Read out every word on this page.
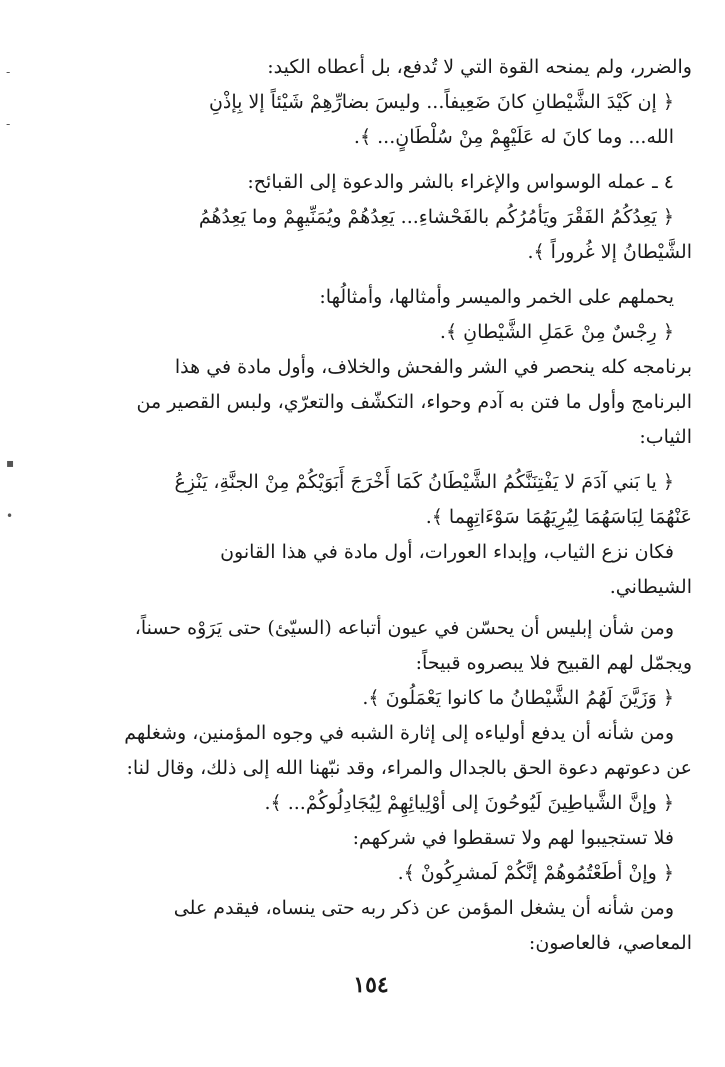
والضرر، ولم يمنحه القوة التي لا تُدفع، بل أعطاه الكيد:
﴿ إن كَيْدَ الشَّيْطانِ كانَ ضَعِيفاً... وليسَ بضارِّهِمْ شَيْئاً إلا بِإذْنِ
الله... وما كانَ له عَلَيْهِمْ مِنْ سُلْطَانٍ... ﴾.
٤ ـ عمله الوسواس والإغراء بالشر والدعوة إلى القبائح:
﴿ يَعِدُكُمُ الفَقْرَ ويَأمُرُكُم بالفَحْشاءِ... يَعِدُهُمْ ويُمَنِّيهِمْ وما يَعِدُهُمُ
الشَّيْطانُ إلا غُروراً ﴾.
يحملهم على الخمر والميسر وأمثالها، وأمثالُها:
﴿ رِجْسٌ مِنْ عَمَلِ الشَّيْطانِ ﴾.
برنامجه كله ينحصر في الشر والفحش والخلاف، وأول مادة في هذا
البرنامج وأول ما فتن به آدم وحواء، التكشّف والتعرّي، ولبس القصير من
الثياب:
﴿ يا بَني آدَمَ لا يَفْتِنَنَّكُمُ الشَّيْطَانُ كَمَا أَخْرَجَ أَبَوَيْكُمْ مِنْ الجنَّةِ، يَنْزِعُ
عَنْهُمَا لِبَاسَهُمَا لِيُرِيَهُمَا سَوْءَاتِهِما ﴾.
فكان نزع الثياب، وإبداء العورات، أول مادة في هذا القانون
الشيطاني.
ومن شأن إبليس أن يحسّن في عيون أتباعه (السيّئ) حتى يَرَوْه حسناً،
ويجمّل لهم القبيح فلا يبصروه قبيحاً:
﴿ وَزَيَّنَ لَهُمُ الشَّيْطانُ ما كانوا يَعْمَلُونَ ﴾.
ومن شأنه أن يدفع أولياءه إلى إثارة الشبه في وجوه المؤمنين، وشغلهم
عن دعوتهم دعوة الحق بالجدال والمراء، وقد نبّهنا الله إلى ذلك، وقال لنا:
﴿ وإنَّ الشَّياطِينَ لَيُوحُونَ إلى أوْلِيائِهِمْ لِيُجَادِلُوكُمْ... ﴾.
فلا تستجيبوا لهم ولا تسقطوا في شركهم:
﴿ وإنْ أطَعْتُمُوهُمْ إنَّكُمْ لَمشرِكُونْ ﴾.
ومن شأنه أن يشغل المؤمن عن ذكر ربه حتى ينساه، فيقدم على
المعاصي، فالعاصون:
١٥٤
-
-
▪
•
